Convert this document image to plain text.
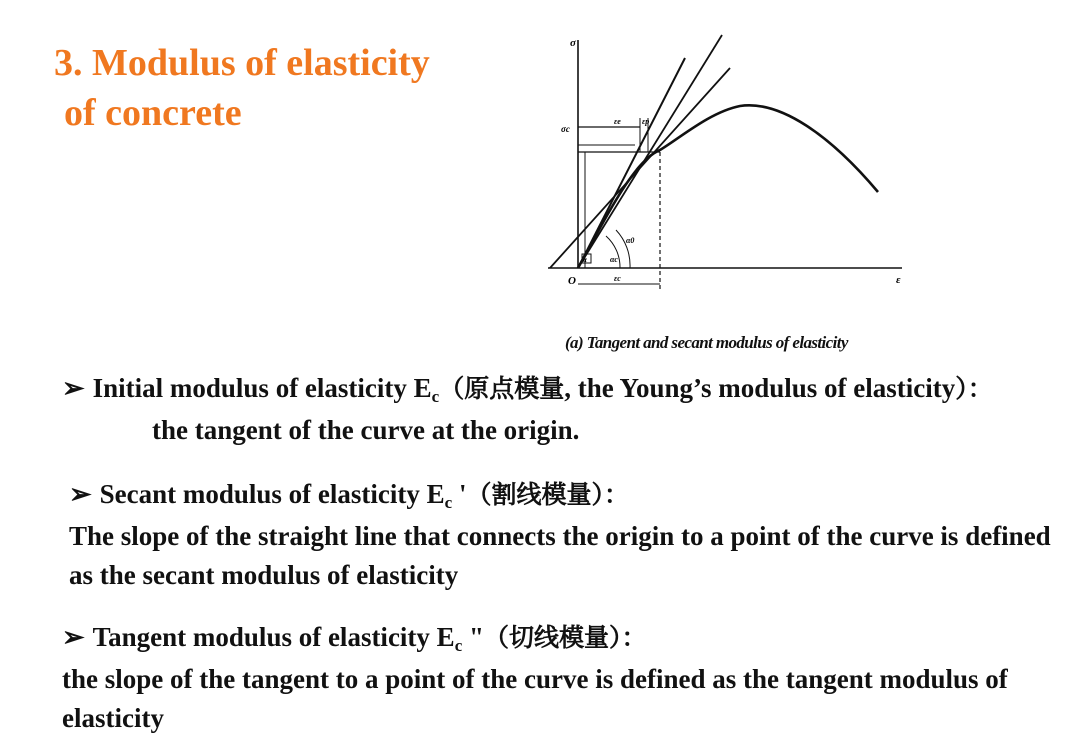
3. Modulus of elasticity
of concrete
σ
σc
ε
O
εe	εp
εc
α	αc
α0
(a) Tangent and secant modulus of elasticity
➢ Initial modulus of elasticity Ec（原点模量, the Young’s modulus of elasticity）： the tangent of the curve at the origin.
➢ Secant modulus of elasticity Ec '（割线模量）：
The slope of the straight line that connects the origin to a point of the curve is defined as the secant modulus of elasticity
➢ Tangent modulus of elasticity Ec "（切线模量）：
the slope of the tangent to a point of the curve is defined as the tangent modulus of elasticity
